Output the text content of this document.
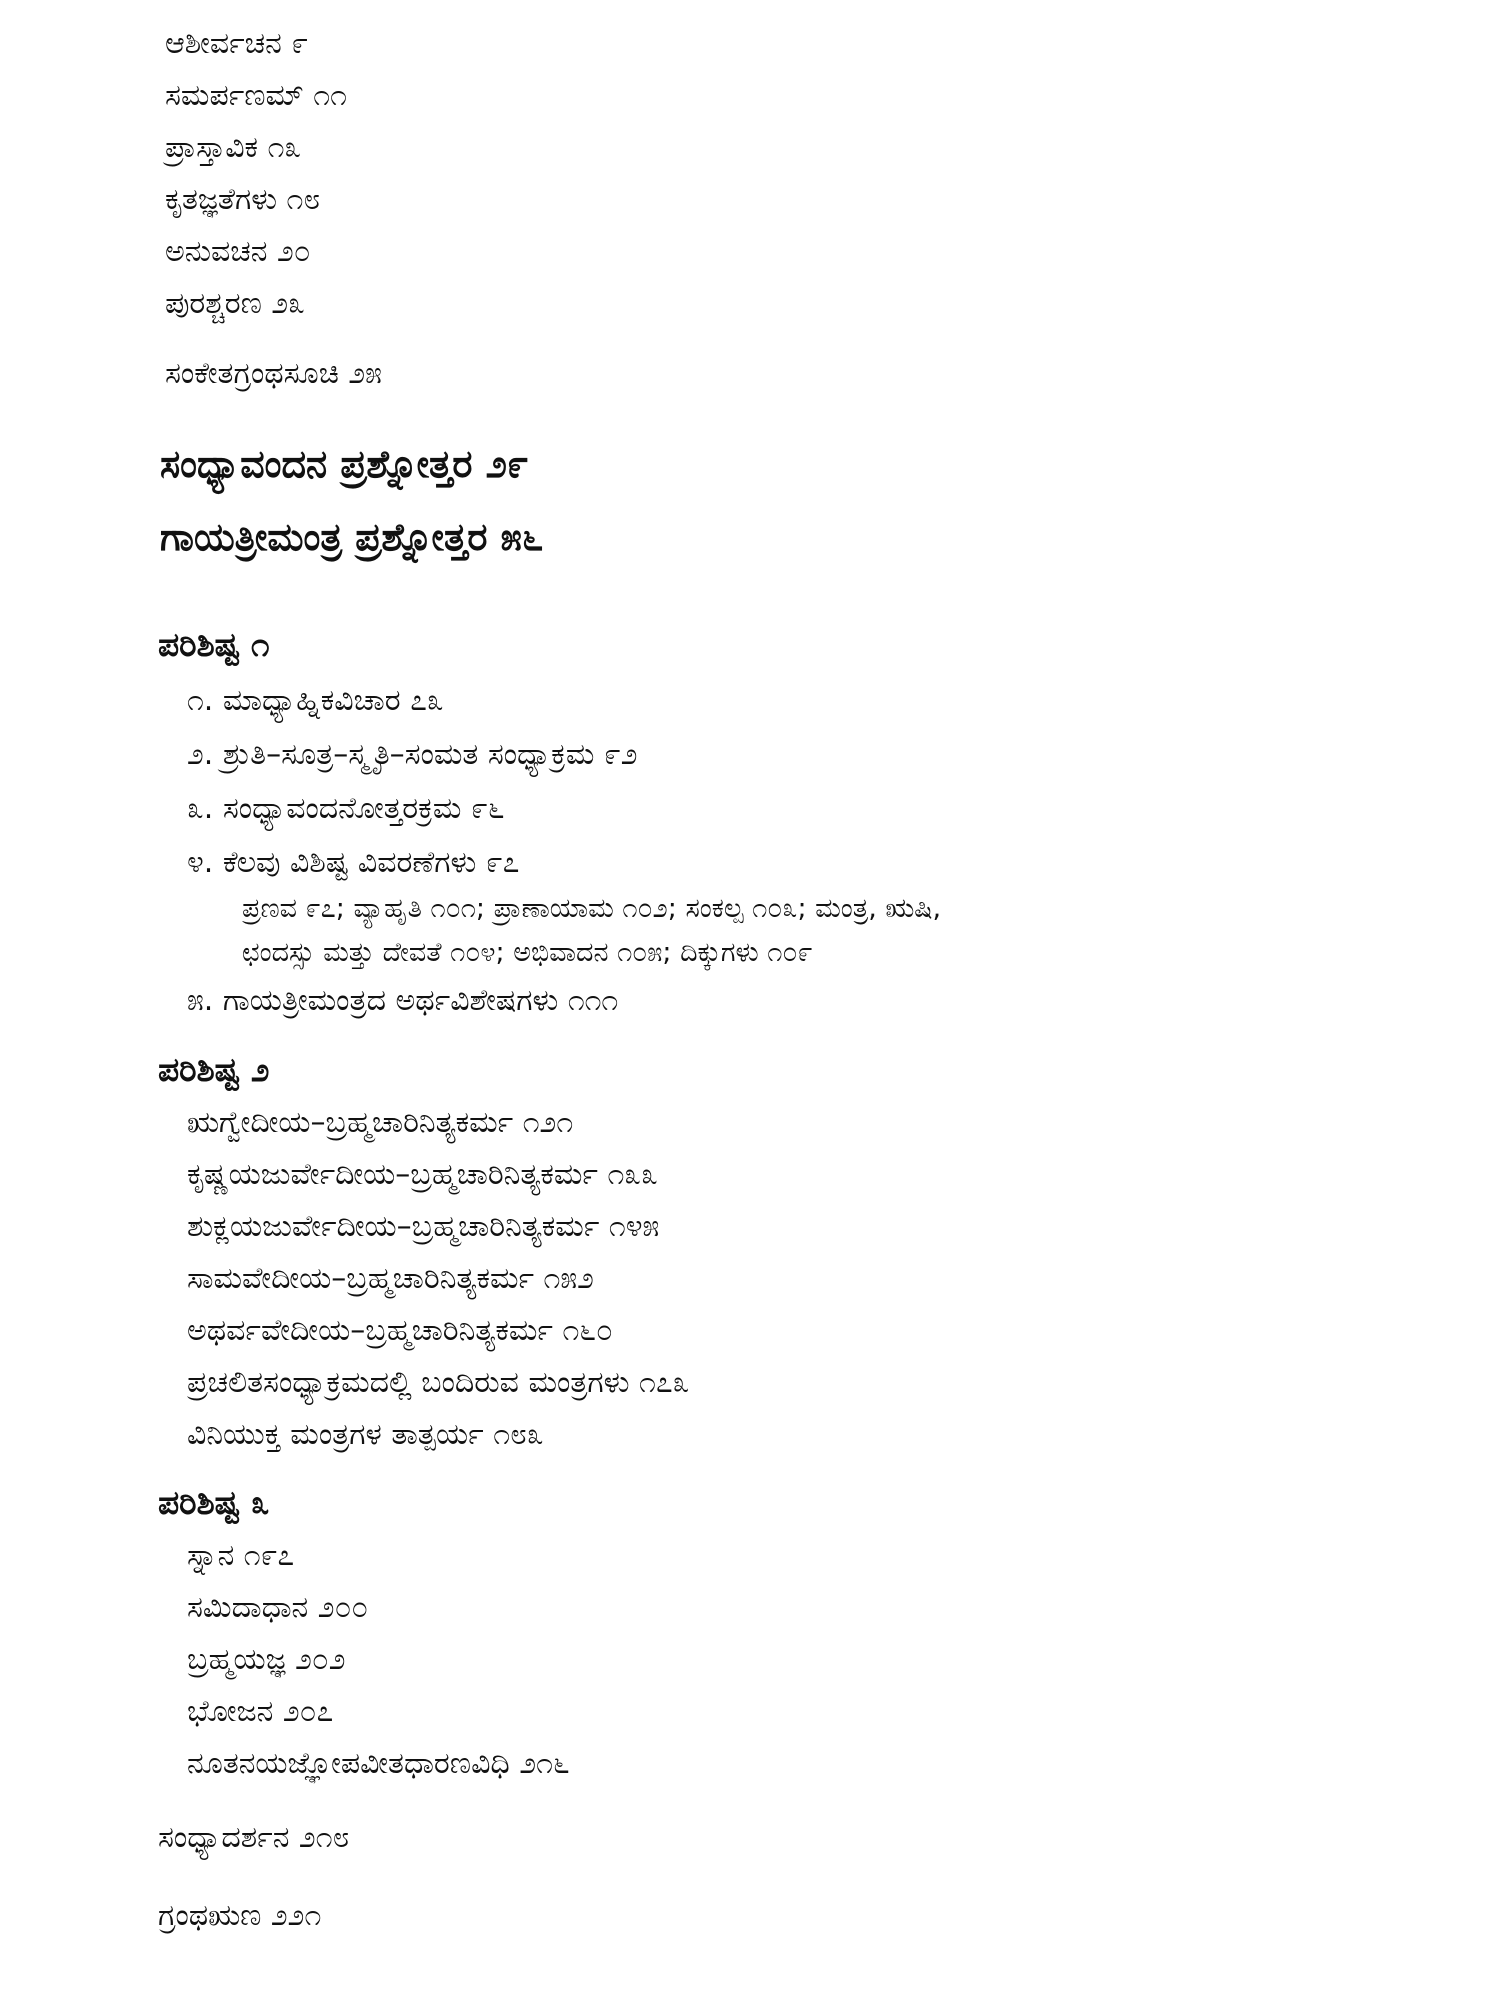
ಆಶೀರ್ವಚನ ೯
ಸಮರ್ಪಣಮ್ ೧೧
ಪ್ರಾಸ್ತಾವಿಕ ೧೩
ಕೃತಜ್ಞತೆಗಳು ೧೮
ಅನುವಚನ ೨೦
ಪುರಶ್ಚರಣ ೨೩
ಸಂಕೇತಗ್ರಂಥಸೂಚಿ ೨೫
ಸಂಧ್ಯಾವಂದನ ಪ್ರಶ್ನೋತ್ತರ ೨೯
ಗಾಯತ್ರೀಮಂತ್ರ ಪ್ರಶ್ನೋತ್ತರ ೫೬
ಪರಿಶಿಷ್ಟ ೧
೧. ಮಾಧ್ಯಾಹ್ನಿಕವಿಚಾರ ೭೩
೨. ಶ್ರುತಿ–ಸೂತ್ರ–ಸ್ಮೃತಿ–ಸಂಮತ ಸಂಧ್ಯಾಕ್ರಮ ೯೨
೩. ಸಂಧ್ಯಾವಂದನೋತ್ತರಕ್ರಮ ೯೬
೪. ಕೆಲವು ವಿಶಿಷ್ಟ ವಿವರಣೆಗಳು ೯೭
ಪ್ರಣವ ೯೭; ವ್ಯಾಹೃತಿ ೧೦೧; ಪ್ರಾಣಾಯಾಮ ೧೦೨; ಸಂಕಲ್ಪ ೧೦೩; ಮಂತ್ರ, ಋಷಿ,
ಛಂದಸ್ಸು ಮತ್ತು ದೇವತೆ ೧೦೪; ಅಭಿವಾದನ ೧೦೫; ದಿಕ್ಕುಗಳು ೧೦೯
೫. ಗಾಯತ್ರೀಮಂತ್ರದ ಅರ್ಥವಿಶೇಷಗಳು ೧೧೧
ಪರಿಶಿಷ್ಟ ೨
ಋಗ್ವೇದೀಯ–ಬ್ರಹ್ಮಚಾರಿನಿತ್ಯಕರ್ಮ ೧೨೧
ಕೃಷ್ಣಯಜುರ್ವೇದೀಯ–ಬ್ರಹ್ಮಚಾರಿನಿತ್ಯಕರ್ಮ ೧೩೩
ಶುಕ್ಲಯಜುರ್ವೇದೀಯ–ಬ್ರಹ್ಮಚಾರಿನಿತ್ಯಕರ್ಮ ೧೪೫
ಸಾಮವೇದೀಯ–ಬ್ರಹ್ಮಚಾರಿನಿತ್ಯಕರ್ಮ ೧೫೨
ಅಥರ್ವವೇದೀಯ–ಬ್ರಹ್ಮಚಾರಿನಿತ್ಯಕರ್ಮ ೧೬೦
ಪ್ರಚಲಿತಸಂಧ್ಯಾಕ್ರಮದಲ್ಲಿ ಬಂದಿರುವ ಮಂತ್ರಗಳು ೧೭೩
ವಿನಿಯುಕ್ತ ಮಂತ್ರಗಳ ತಾತ್ಪರ್ಯ ೧೮೩
ಪರಿಶಿಷ್ಟ ೩
ಸ್ನಾನ ೧೯೭
ಸಮಿದಾಧಾನ ೨೦೦
ಬ್ರಹ್ಮಯಜ್ಞ ೨೦೨
ಭೋಜನ ೨೦೭
ನೂತನಯಜ್ಞೋಪವೀತಧಾರಣವಿಧಿ ೨೧೬
ಸಂಧ್ಯಾದರ್ಶನ ೨೧೮
ಗ್ರಂಥಋಣ ೨೨೧
